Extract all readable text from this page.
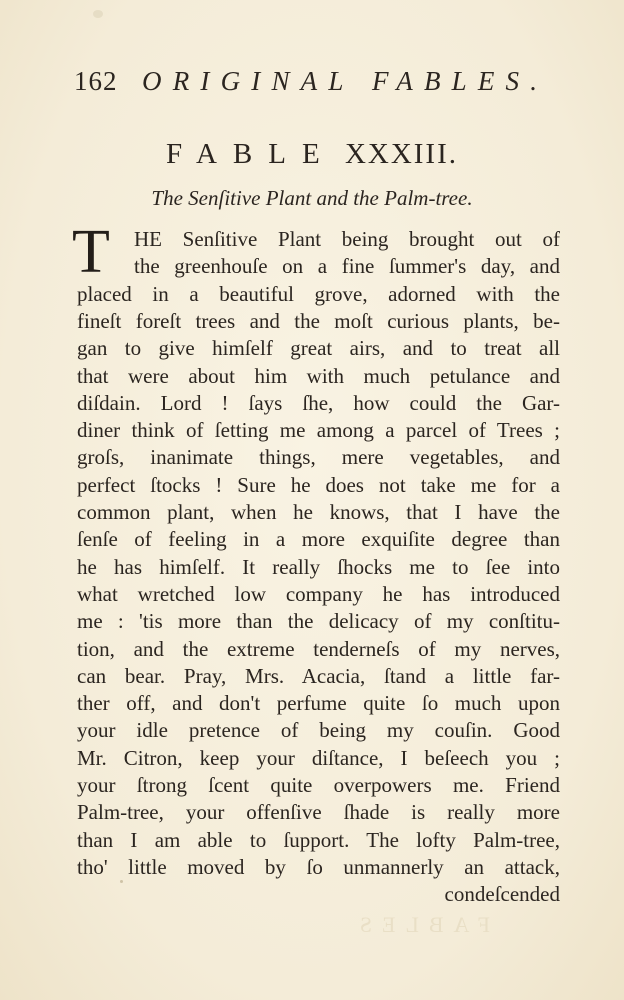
162 ORIGINAL FABLES.
FABLE XXXIII.
The Senſitive Plant and the Palm-tree.
T HE Senſitive Plant being brought out of
the greenhouſe on a fine ſummer's day, and
placed in a beautiful grove, adorned with the
fineſt foreſt trees and the moſt curious plants, be-
gan to give himſelf great airs, and to treat all
that were about him with much petulance and
diſdain. Lord ! ſays ſhe, how could the Gar-
diner think of ſetting me among a parcel of Trees ;
groſs, inanimate things, mere vegetables, and
perfect ſtocks ! Sure he does not take me for a
common plant, when he knows, that I have the
ſenſe of feeling in a more exquiſite degree than
he has himſelf. It really ſhocks me to ſee into
what wretched low company he has introduced
me : 'tis more than the delicacy of my conſtitu-
tion, and the extreme tenderneſs of my nerves,
can bear. Pray, Mrs. Acacia, ſtand a little far-
ther off, and don't perfume quite ſo much upon
your idle pretence of being my couſin. Good
Mr. Citron, keep your diſtance, I beſeech you ;
your ſtrong ſcent quite overpowers me. Friend
Palm-tree, your offenſive ſhade is really more
than I am able to ſupport. The lofty Palm-tree,
tho' little moved by ſo unmannerly an attack,
condeſcended
FABLES
